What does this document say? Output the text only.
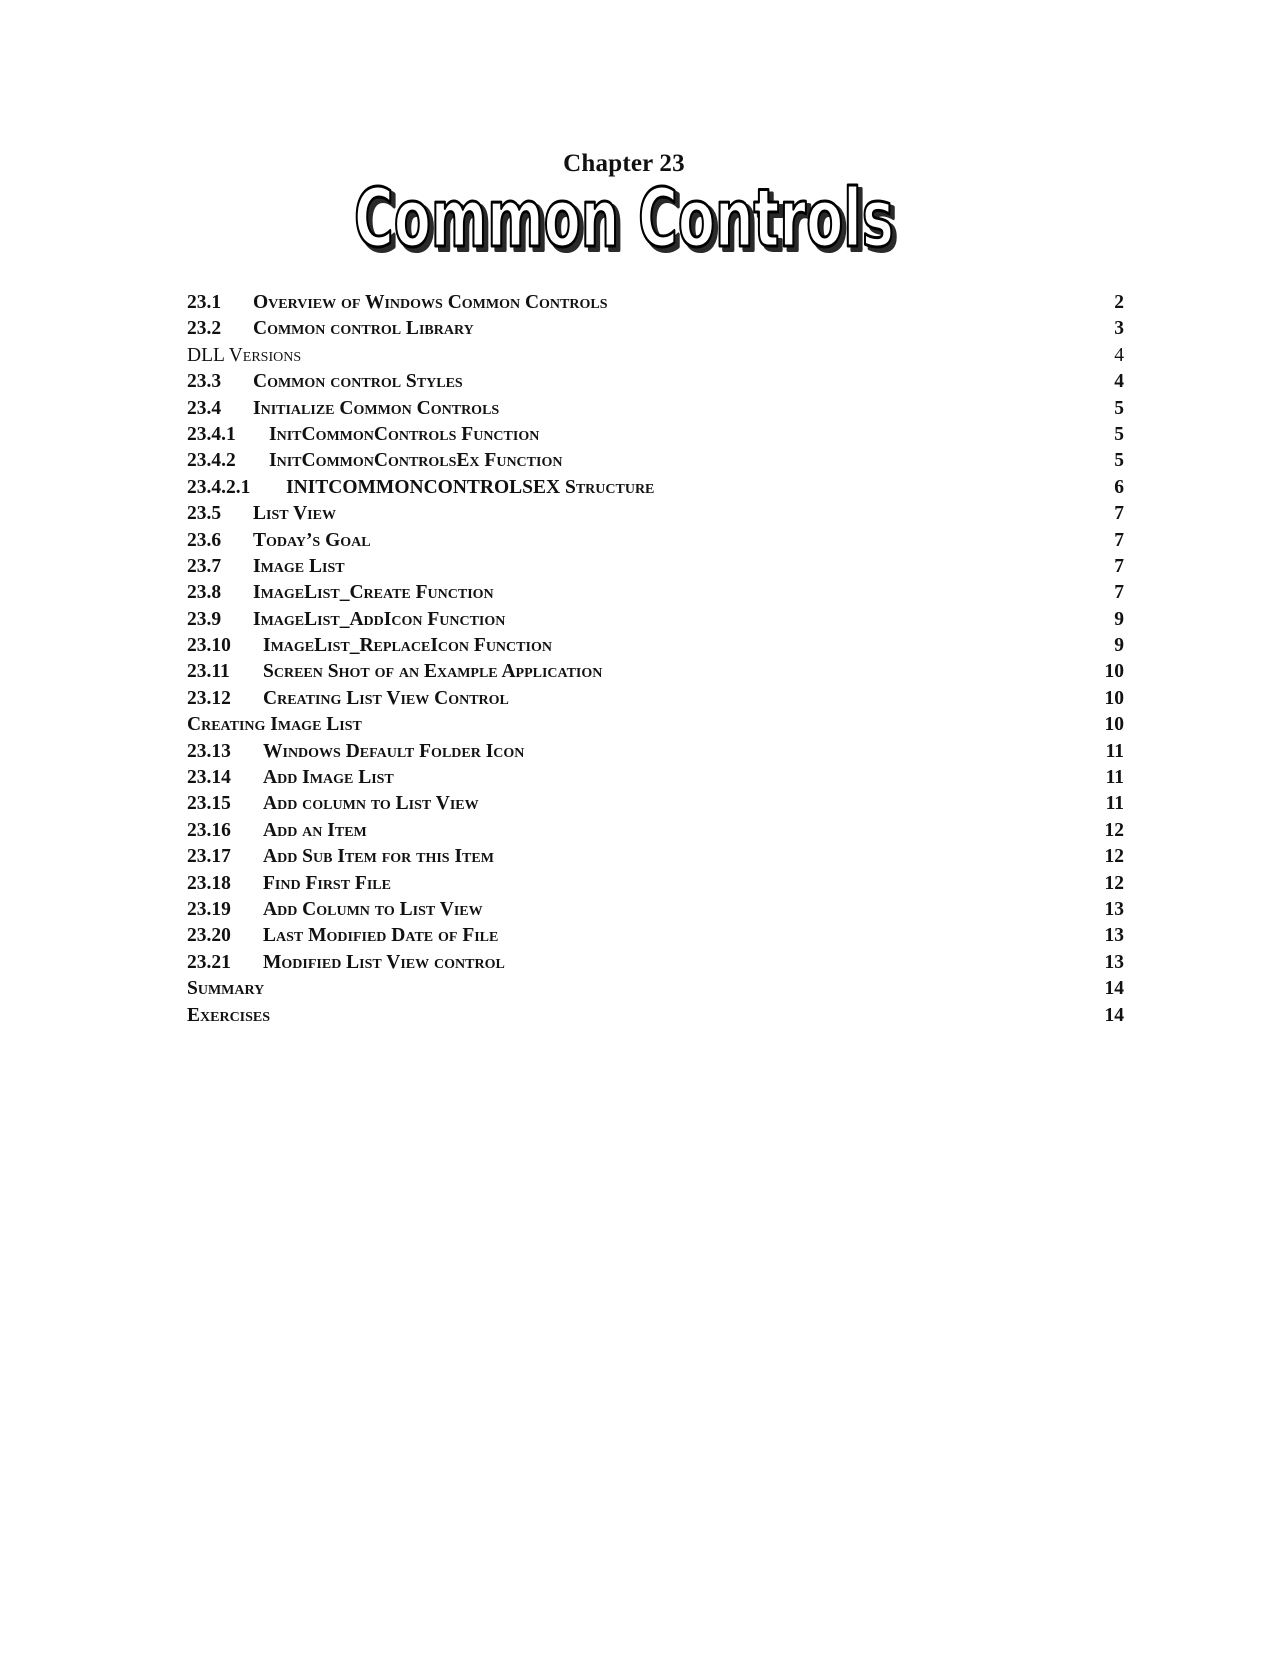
Chapter 23
Common Controls
Common Controls
23.1 Overview of Windows Common Controls	2
23.2 Common control Library	3
DLL Versions	4
23.3 Common control Styles	4
23.4 Initialize Common Controls	5
23.4.1 InitCommonControls Function	5
23.4.2 InitCommonControlsEx Function	5
23.4.2.1 INITCOMMONCONTROLSEX Structure	6
23.5 List View	7
23.6 Today’s Goal	7
23.7 Image List	7
23.8 ImageList_Create Function	7
23.9 ImageList_AddIcon Function	9
23.10 ImageList_ReplaceIcon Function	9
23.11 Screen Shot of an Example Application	10
23.12 Creating List View Control	10
Creating Image List	10
23.13 Windows Default Folder Icon	11
23.14 Add Image List	11
23.15 Add column to List View	11
23.16 Add an Item	12
23.17 Add Sub Item for this Item	12
23.18 Find First File	12
23.19 Add Column to List View	13
23.20 Last Modified Date of File	13
23.21 Modified List View control	13
Summary	14
Exercises	14
